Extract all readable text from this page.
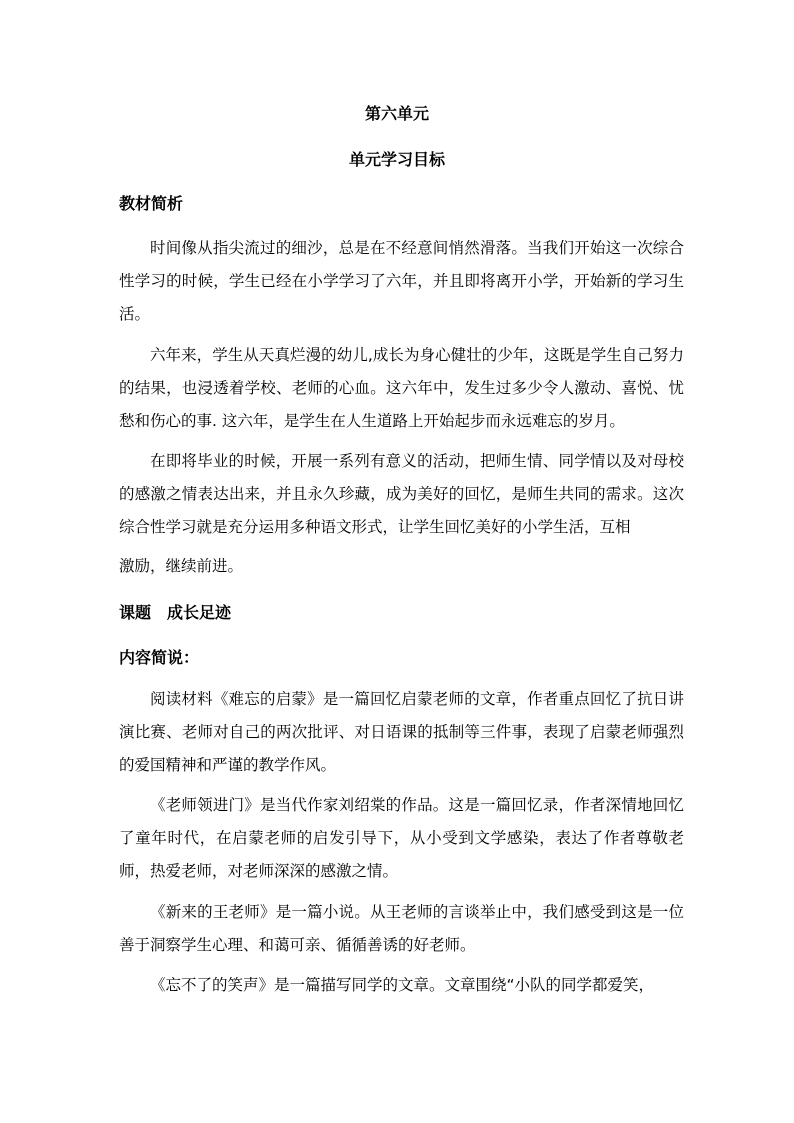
第六单元
单元学习目标
教材简析

时间像从指尖流过的细沙，总是在不经意间悄然滑落。当我们开始这一次综合性学习的时候，学生已经在小学学习了六年，并且即将离开小学，开始新的学习生活。

六年来，学生从天真烂漫的幼儿,成长为身心健壮的少年，这既是学生自己努力的结果，也浸透着学校、老师的心血。这六年中，发生过多少令人激动、喜悦、忧愁和伤心的事. 这六年，是学生在人生道路上开始起步而永远难忘的岁月。

在即将毕业的时候，开展一系列有意义的活动，把师生情、同学情以及对母校的感激之情表达出来，并且永久珍藏，成为美好的回忆，是师生共同的需求。这次综合性学习就是充分运用多种语文形式，让学生回忆美好的小学生活，互相

激励，继续前进。

课题 成长足迹
内容简说：

阅读材料《难忘的启蒙》是一篇回忆启蒙老师的文章，作者重点回忆了抗日讲演比赛、老师对自己的两次批评、对日语课的抵制等三件事，表现了启蒙老师强烈的爱国精神和严谨的教学作风。

《老师领进门》是当代作家刘绍棠的作品。这是一篇回忆录，作者深情地回忆了童年时代，在启蒙老师的启发引导下，从小受到文学感染，表达了作者尊敬老师，热爱老师，对老师深深的感激之情。

《新来的王老师》是一篇小说。从王老师的言谈举止中，我们感受到这是一位善于洞察学生心理、和蔼可亲、循循善诱的好老师。

《忘不了的笑声》是一篇描写同学的文章。文章围绕“小队的同学都爱笑，
